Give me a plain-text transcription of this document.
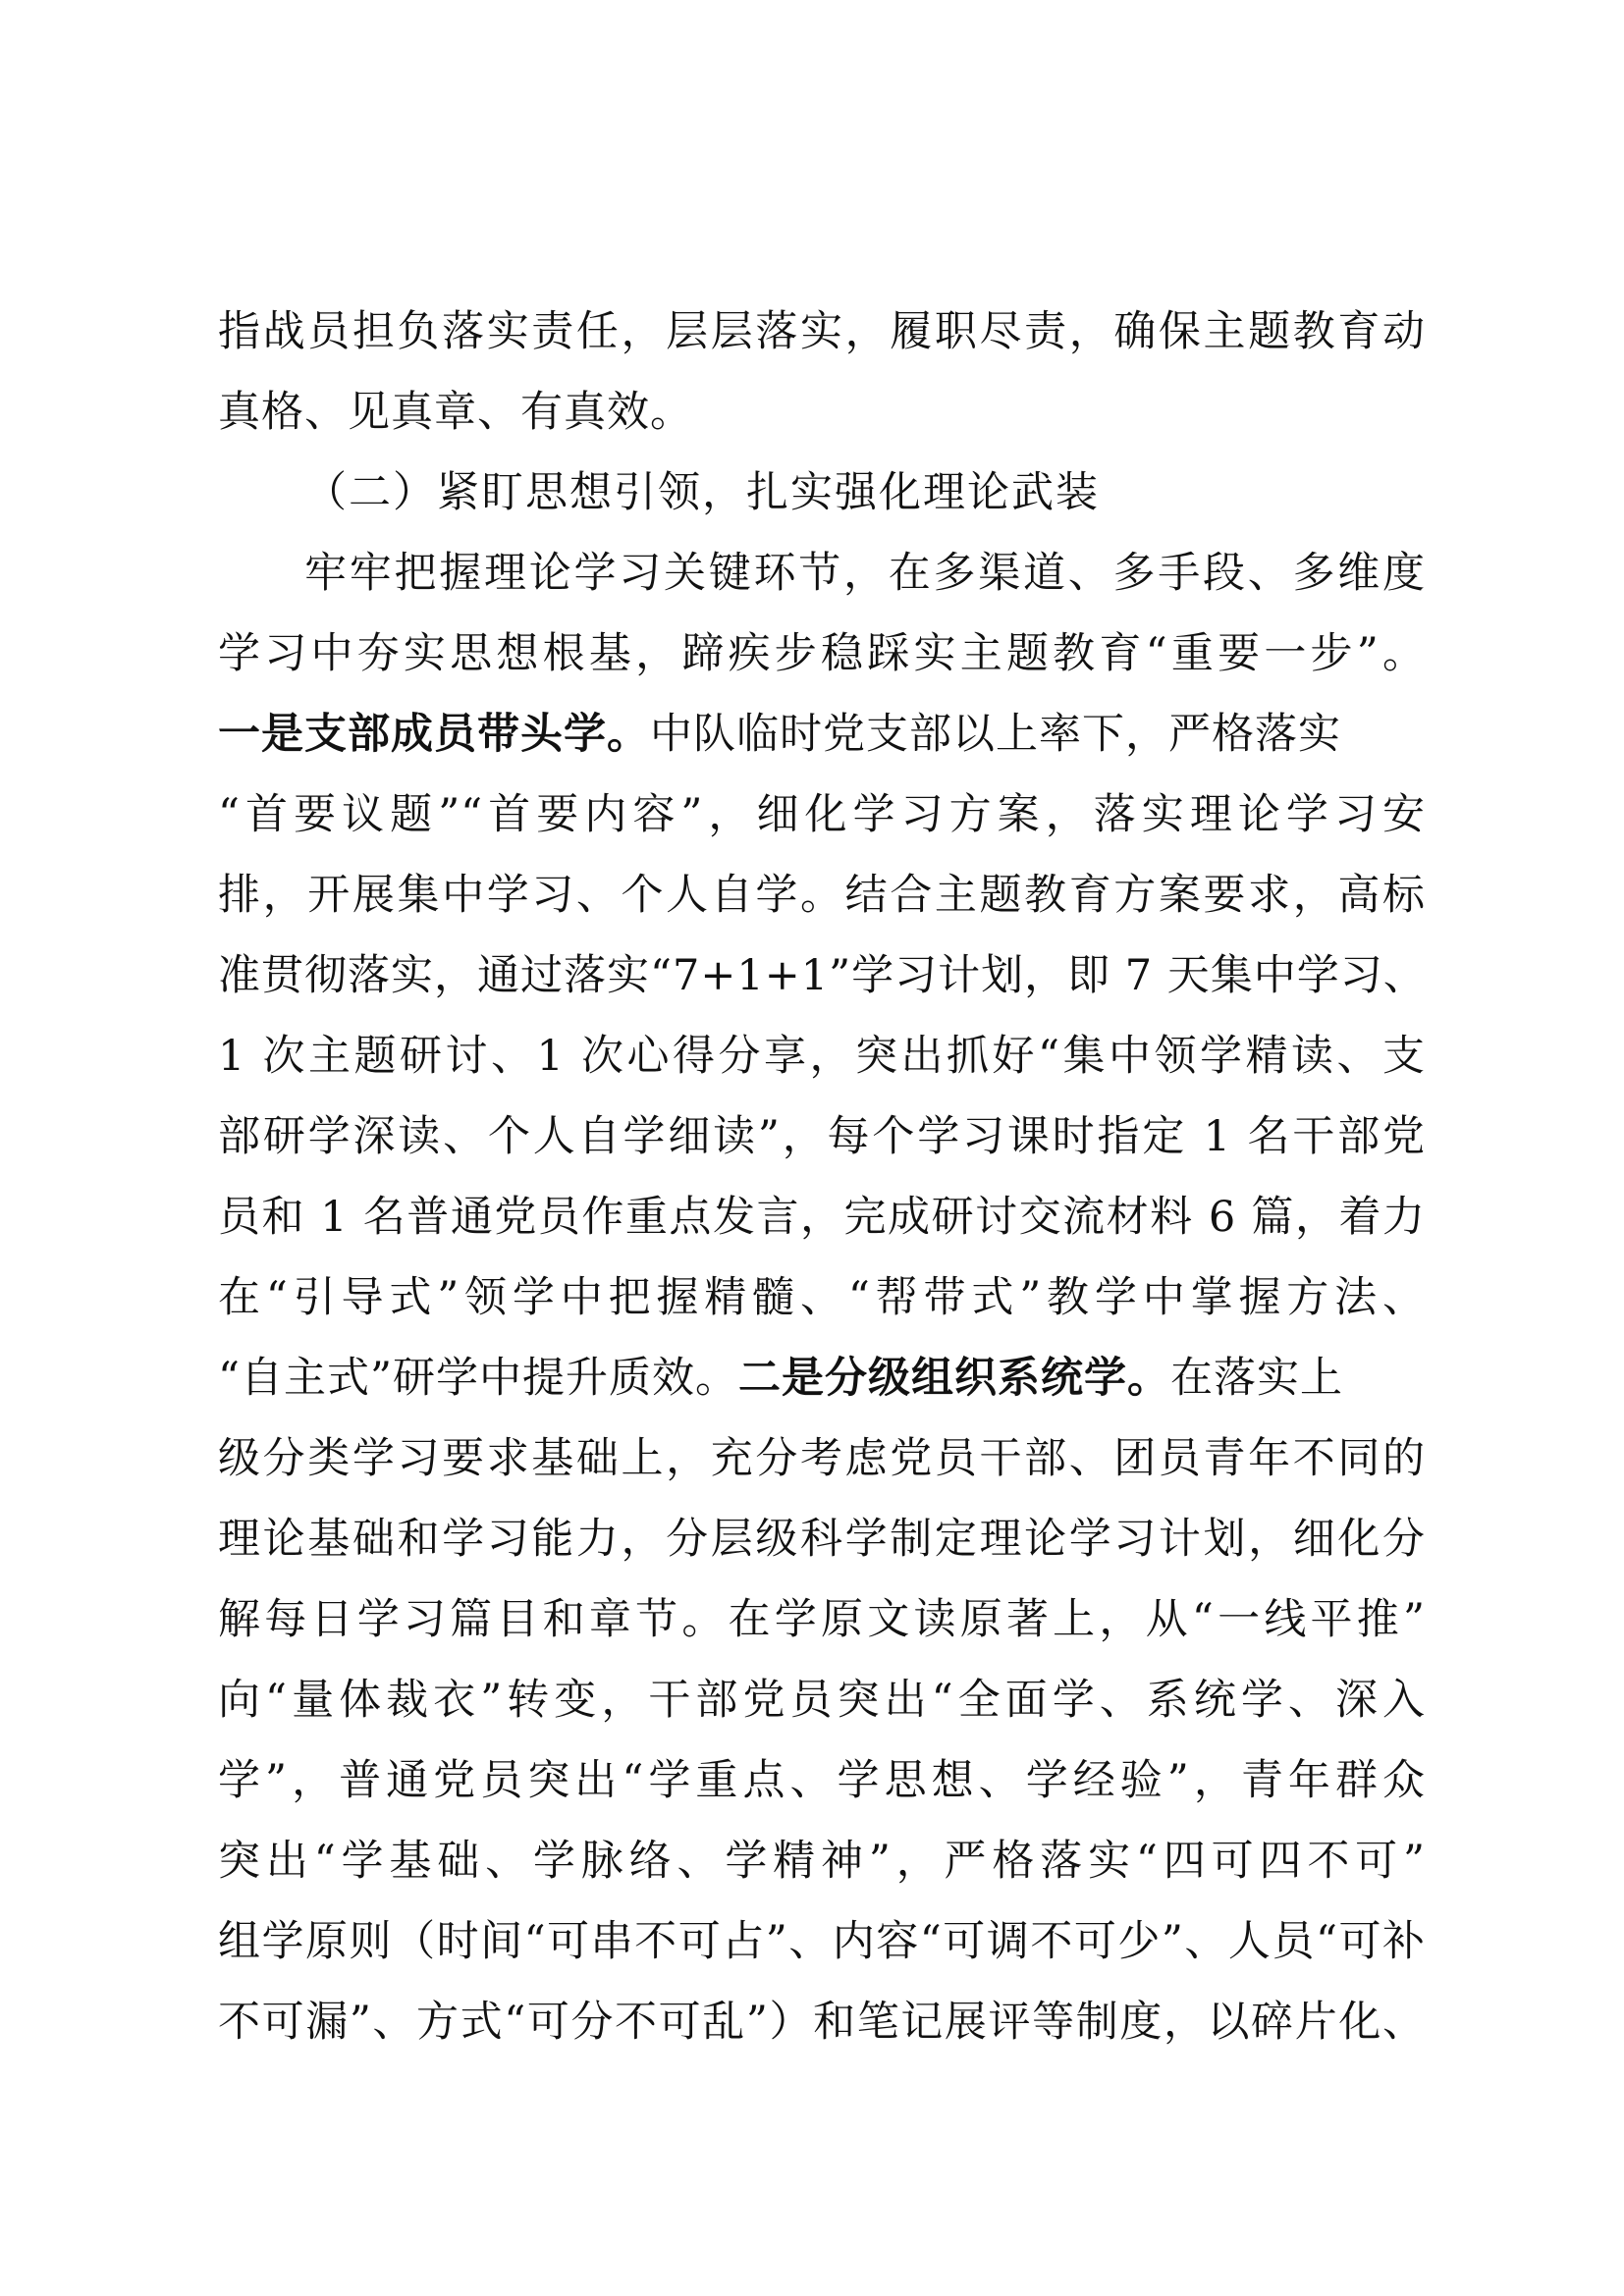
指战员担负落实责任，层层落实，履职尽责，确保主题教育动
真格、见真章、有真效。
（二）紧盯思想引领，扎实强化理论武装
牢牢把握理论学习关键环节，在多渠道、多手段、多维度
学习中夯实思想根基，蹄疾步稳踩实主题教育“重要一步”。
一是支部成员带头学。中队临时党支部以上率下，严格落实
“首要议题”“首要内容”，细化学习方案，落实理论学习安
排，开展集中学习、个人自学。结合主题教育方案要求，高标
准贯彻落实，通过落实“7+1+1”学习计划，即 7 天集中学习、
1 次主题研讨、1 次心得分享，突出抓好“集中领学精读、支
部研学深读、个人自学细读”，每个学习课时指定 1 名干部党
员和 1 名普通党员作重点发言，完成研讨交流材料 6 篇，着力
在“引导式”领学中把握精髓、“帮带式”教学中掌握方法、
“自主式”研学中提升质效。二是分级组织系统学。在落实上
级分类学习要求基础上，充分考虑党员干部、团员青年不同的
理论基础和学习能力，分层级科学制定理论学习计划，细化分
解每日学习篇目和章节。在学原文读原著上，从“一线平推”
向“量体裁衣”转变，干部党员突出“全面学、系统学、深入
学”，普通党员突出“学重点、学思想、学经验”，青年群众
突出“学基础、学脉络、学精神”，严格落实“四可四不可”
组学原则（时间“可串不可占”、内容“可调不可少”、人员“可补
不可漏”、方式“可分不可乱”）和笔记展评等制度，以碎片化、
